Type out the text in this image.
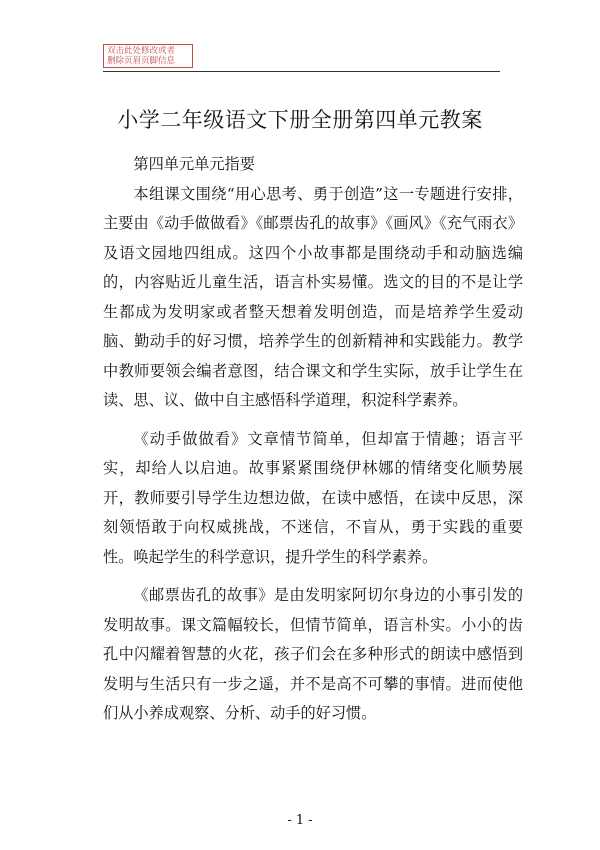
双击此处修改或者
删除页眉页脚信息
小学二年级语文下册全册第四单元教案

第四单元单元指要

本组课文围绕“用心思考、勇于创造”这一专题进行安排，主要由《动手做做看》《邮票齿孔的故事》《画风》《充气雨衣》及语文园地四组成。这四个小故事都是围绕动手和动脑选编的，内容贴近儿童生活，语言朴实易懂。选文的目的不是让学生都成为发明家或者整天想着发明创造，而是培养学生爱动脑、勤动手的好习惯，培养学生的创新精神和实践能力。教学中教师要领会编者意图，结合课文和学生实际，放手让学生在读、思、议、做中自主感悟科学道理，积淀科学素养。

《动手做做看》文章情节简单，但却富于情趣；语言平实，却给人以启迪。故事紧紧围绕伊林娜的情绪变化顺势展开，教师要引导学生边想边做，在读中感悟，在读中反思，深刻领悟敢于向权威挑战，不迷信，不盲从，勇于实践的重要性。唤起学生的科学意识，提升学生的科学素养。

《邮票齿孔的故事》是由发明家阿切尔身边的小事引发的发明故事。课文篇幅较长，但情节简单，语言朴实。小小的齿孔中闪耀着智慧的火花，孩子们会在多种形式的朗读中感悟到发明与生活只有一步之遥，并不是高不可攀的事情。进而使他们从小养成观察、分析、动手的好习惯。

- 1 -
